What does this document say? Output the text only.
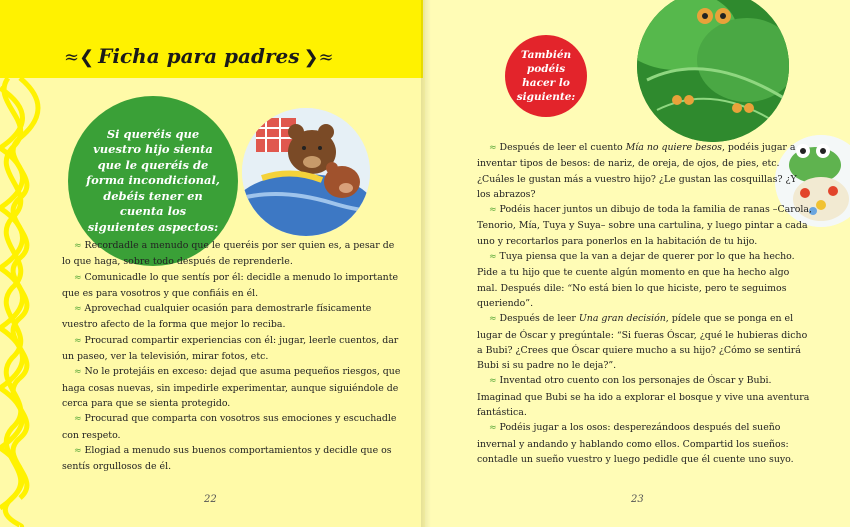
≈❮ Ficha para padres ❯≈

Si queréis que vuestro hijo sienta que le queréis de forma incondicional, debéis tener en cuenta los siguientes aspectos:

≈ Recordadle a menudo que le queréis por ser quien es, a pesar de lo que haga, sobre todo después de reprenderle.

≈ Comunicadle lo que sentís por él: decidle a menudo lo importante que es para vosotros y que confiáis en él.

≈ Aprovechad cualquier ocasión para demostrarle físicamente vuestro afecto de la forma que mejor lo reciba.

≈ Procurad compartir experiencias con él: jugar, leerle cuentos, dar un paseo, ver la televisión, mirar fotos, etc.

≈ No le protejáis en exceso: dejad que asuma pequeños riesgos, que haga cosas nuevas, sin impedirle experimentar, aunque siguiéndole de cerca para que se sienta protegido.

≈ Procurad que comparta con vosotros sus emociones y escuchadle con respeto.

≈ Elogiad a menudo sus buenos comportamientos y decidle que os sentís orgullosos de él.

22

También podéis hacer lo siguiente:

≈ Después de leer el cuento Mía no quiere besos, podéis jugar a inventar tipos de besos: de nariz, de oreja, de ojos, de pies, etc. ¿Cuáles le gustan más a vuestro hijo? ¿Le gustan las cosquillas? ¿Y los abrazos?

≈ Podéis hacer juntos un dibujo de toda la familia de ranas –Carola, Tenorio, Mía, Tuya y Suya– sobre una cartulina, y luego pintar a cada uno y recortarlos para ponerlos en la habitación de tu hijo.

≈ Tuya piensa que la van a dejar de querer por lo que ha hecho. Pide a tu hijo que te cuente algún momento en que ha hecho algo mal. Después dile: “No está bien lo que hiciste, pero te seguimos queriendo”.

≈ Después de leer Una gran decisión, pídele que se ponga en el lugar de Óscar y pregúntale: “Si fueras Óscar, ¿qué le hubieras dicho a Bubi? ¿Crees que Óscar quiere mucho a su hijo? ¿Cómo se sentirá Bubi si su padre no le deja?”.

≈ Inventad otro cuento con los personajes de Óscar y Bubi. Imaginad que Bubi se ha ido a explorar el bosque y vive una aventura fantástica.

≈ Podéis jugar a los osos: desperezándoos después del sueño invernal y andando y hablando como ellos. Compartid los sueños: contadle un sueño vuestro y luego pedidle que él cuente uno suyo.

23
